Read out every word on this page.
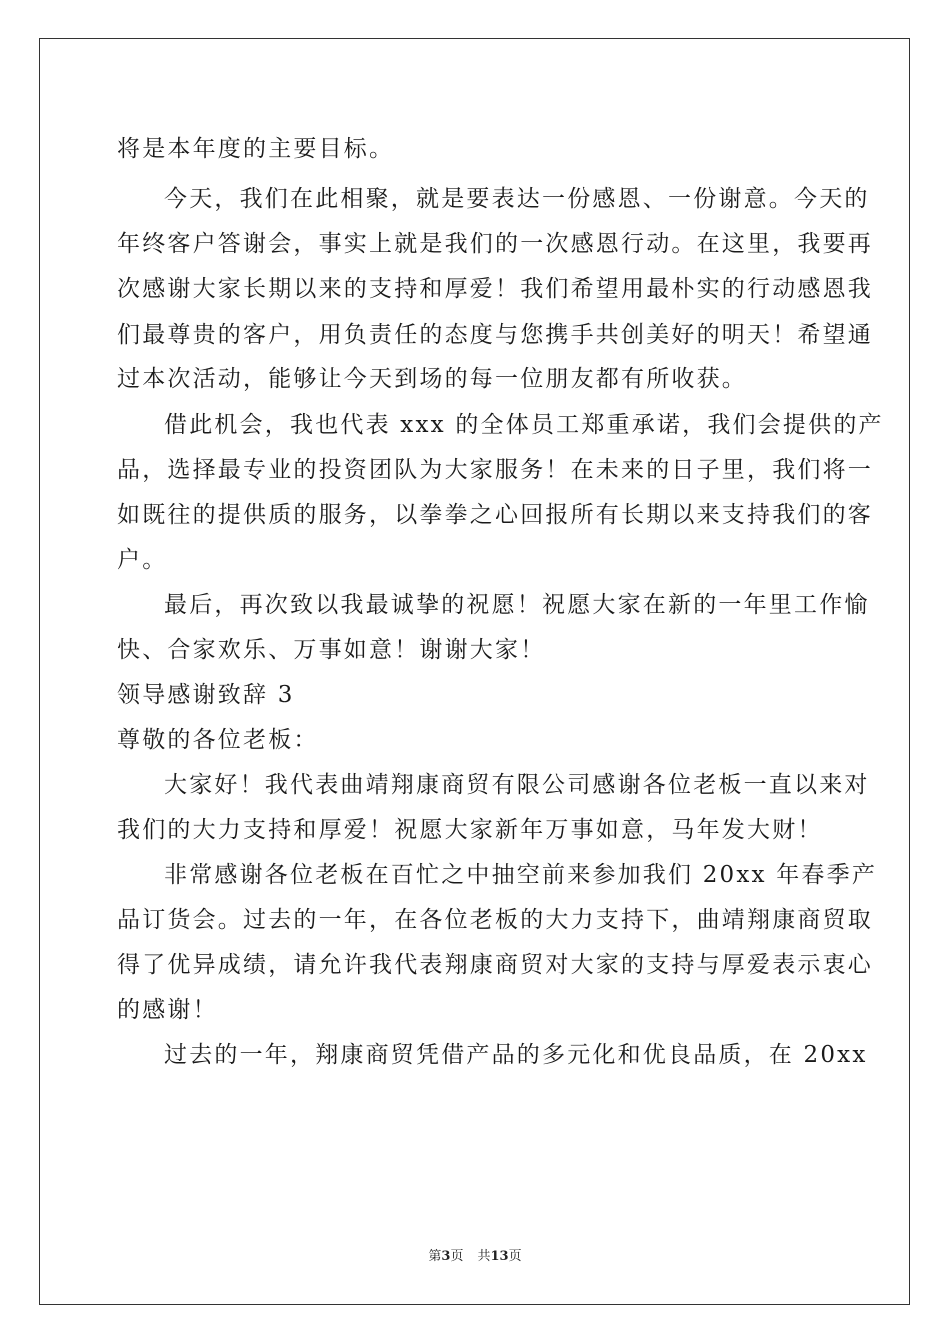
将是本年度的主要目标。
今天，我们在此相聚，就是要表达一份感恩、一份谢意。今天的
年终客户答谢会，事实上就是我们的一次感恩行动。在这里，我要再
次感谢大家长期以来的支持和厚爱！我们希望用最朴实的行动感恩我
们最尊贵的客户，用负责任的态度与您携手共创美好的明天！希望通
过本次活动，能够让今天到场的每一位朋友都有所收获。
借此机会，我也代表 xxx 的全体员工郑重承诺，我们会提供的产
品，选择最专业的投资团队为大家服务！在未来的日子里，我们将一
如既往的提供质的服务，以拳拳之心回报所有长期以来支持我们的客
户。
最后，再次致以我最诚挚的祝愿！祝愿大家在新的一年里工作愉
快、合家欢乐、万事如意！谢谢大家！
领导感谢致辞 3
尊敬的各位老板：
大家好！我代表曲靖翔康商贸有限公司感谢各位老板一直以来对
我们的大力支持和厚爱！祝愿大家新年万事如意，马年发大财！
非常感谢各位老板在百忙之中抽空前来参加我们 20xx 年春季产
品订货会。过去的一年，在各位老板的大力支持下，曲靖翔康商贸取
得了优异成绩，请允许我代表翔康商贸对大家的支持与厚爱表示衷心
的感谢！
过去的一年，翔康商贸凭借产品的多元化和优良品质，在 20xx
第3页 共13页
